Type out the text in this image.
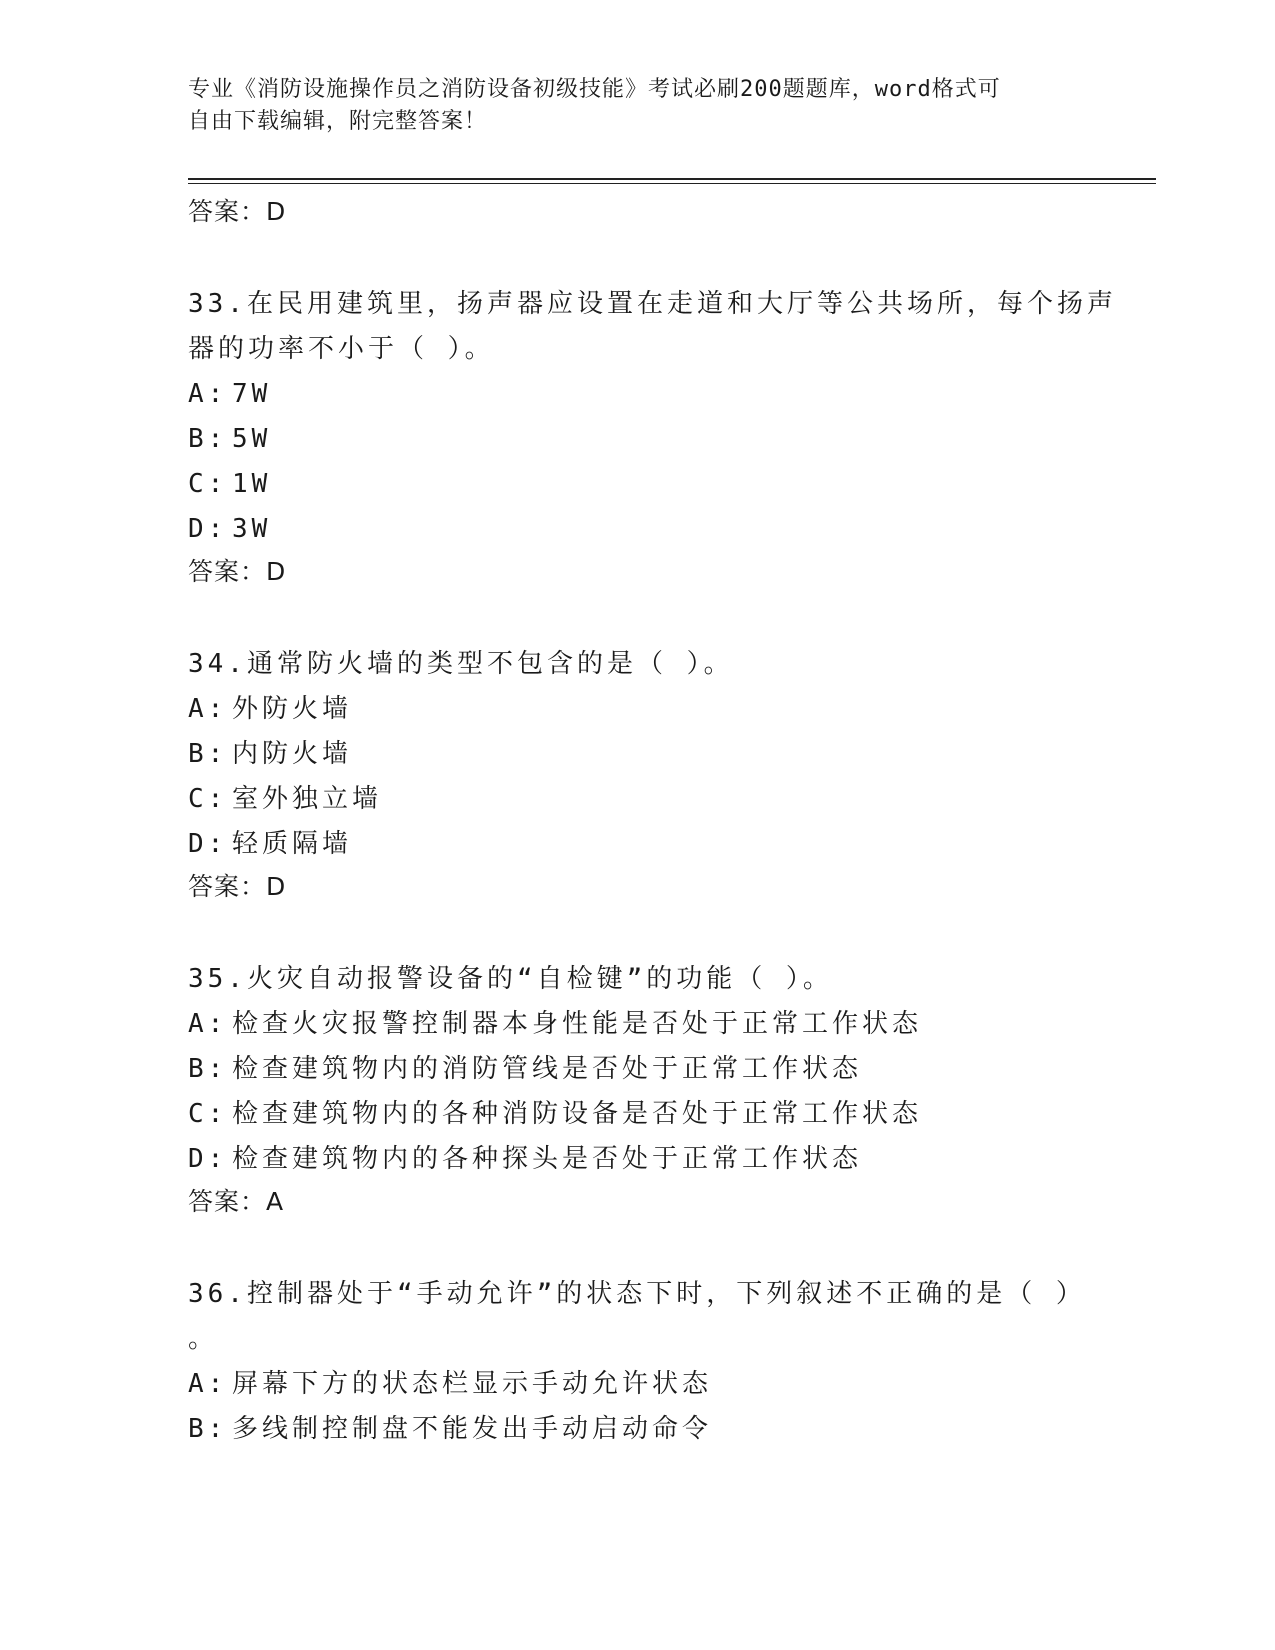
专业《消防设施操作员之消防设备初级技能》考试必刷200题题库，word格式可
自由下载编辑，附完整答案！
答案：D
33.在民用建筑里，扬声器应设置在走道和大厅等公共场所，每个扬声
器的功率不小于（ ）。
A: 7W
B: 5W
C: 1W
D: 3W
答案：D
34.通常防火墙的类型不包含的是（ ）。
A: 外防火墙
B: 内防火墙
C: 室外独立墙
D: 轻质隔墙
答案：D
35.火灾自动报警设备的“自检键”的功能（ ）。
A: 检查火灾报警控制器本身性能是否处于正常工作状态
B: 检查建筑物内的消防管线是否处于正常工作状态
C: 检查建筑物内的各种消防设备是否处于正常工作状态
D: 检查建筑物内的各种探头是否处于正常工作状态
答案：A
36.控制器处于“手动允许”的状态下时，下列叙述不正确的是（ ）
。
A: 屏幕下方的状态栏显示手动允许状态
B: 多线制控制盘不能发出手动启动命令
